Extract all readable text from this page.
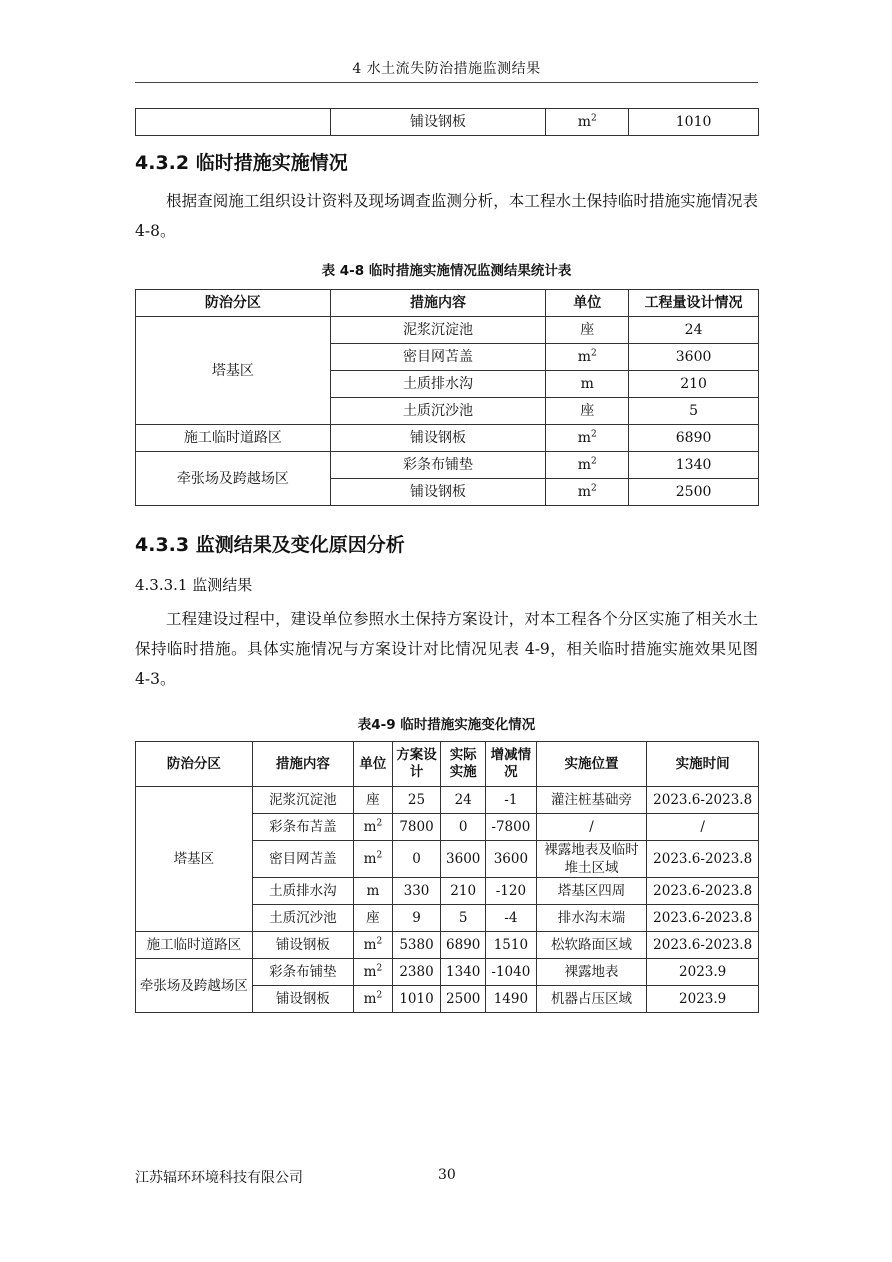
4 水土流失防治措施监测结果
	铺设钢板	$m^2$	1010
4.3.2 临时措施实施情况
根据查阅施工组织设计资料及现场调查监测分析，本工程水土保持临时措施实施情况表 4-8。
表 4-8 临时措施实施情况监测结果统计表
防治分区	措施内容	单位	工程量设计情况
塔基区	泥浆沉淀池	座	24
	密目网苫盖	$m^2$	3600
	土质排水沟	m	210
	土质沉沙池	座	5
施工临时道路区	铺设钢板	$m^2$	6890
牵张场及跨越场区	彩条布铺垫	$m^2$	1340
	铺设钢板	$m^2$	2500
4.3.3 监测结果及变化原因分析
4.3.3.1 监测结果
工程建设过程中，建设单位参照水土保持方案设计，对本工程各个分区实施了相关水土保持临时措施。具体实施情况与方案设计对比情况见表 4-9，相关临时措施实施效果见图 4-3。
表4-9 临时措施实施变化情况
防治分区	措施内容	单位	方案设计	实际实施	增减情况	实施位置	实施时间
塔基区	泥浆沉淀池	座	25	24	-1	灌注桩基础旁	2023.6-2023.8
	彩条布苫盖	$m^2$	7800	0	-7800	/	/
	密目网苫盖	$m^2$	0	3600	3600	裸露地表及临时堆土区域	2023.6-2023.8
	土质排水沟	m	330	210	-120	塔基区四周	2023.6-2023.8
	土质沉沙池	座	9	5	-4	排水沟末端	2023.6-2023.8
施工临时道路区	铺设钢板	$m^2$	5380	6890	1510	松软路面区域	2023.6-2023.8
牵张场及跨越场区	彩条布铺垫	$m^2$	2380	1340	-1040	裸露地表	2023.9
	铺设钢板	$m^2$	1010	2500	1490	机器占压区域	2023.9
江苏辐环环境科技有限公司	30
